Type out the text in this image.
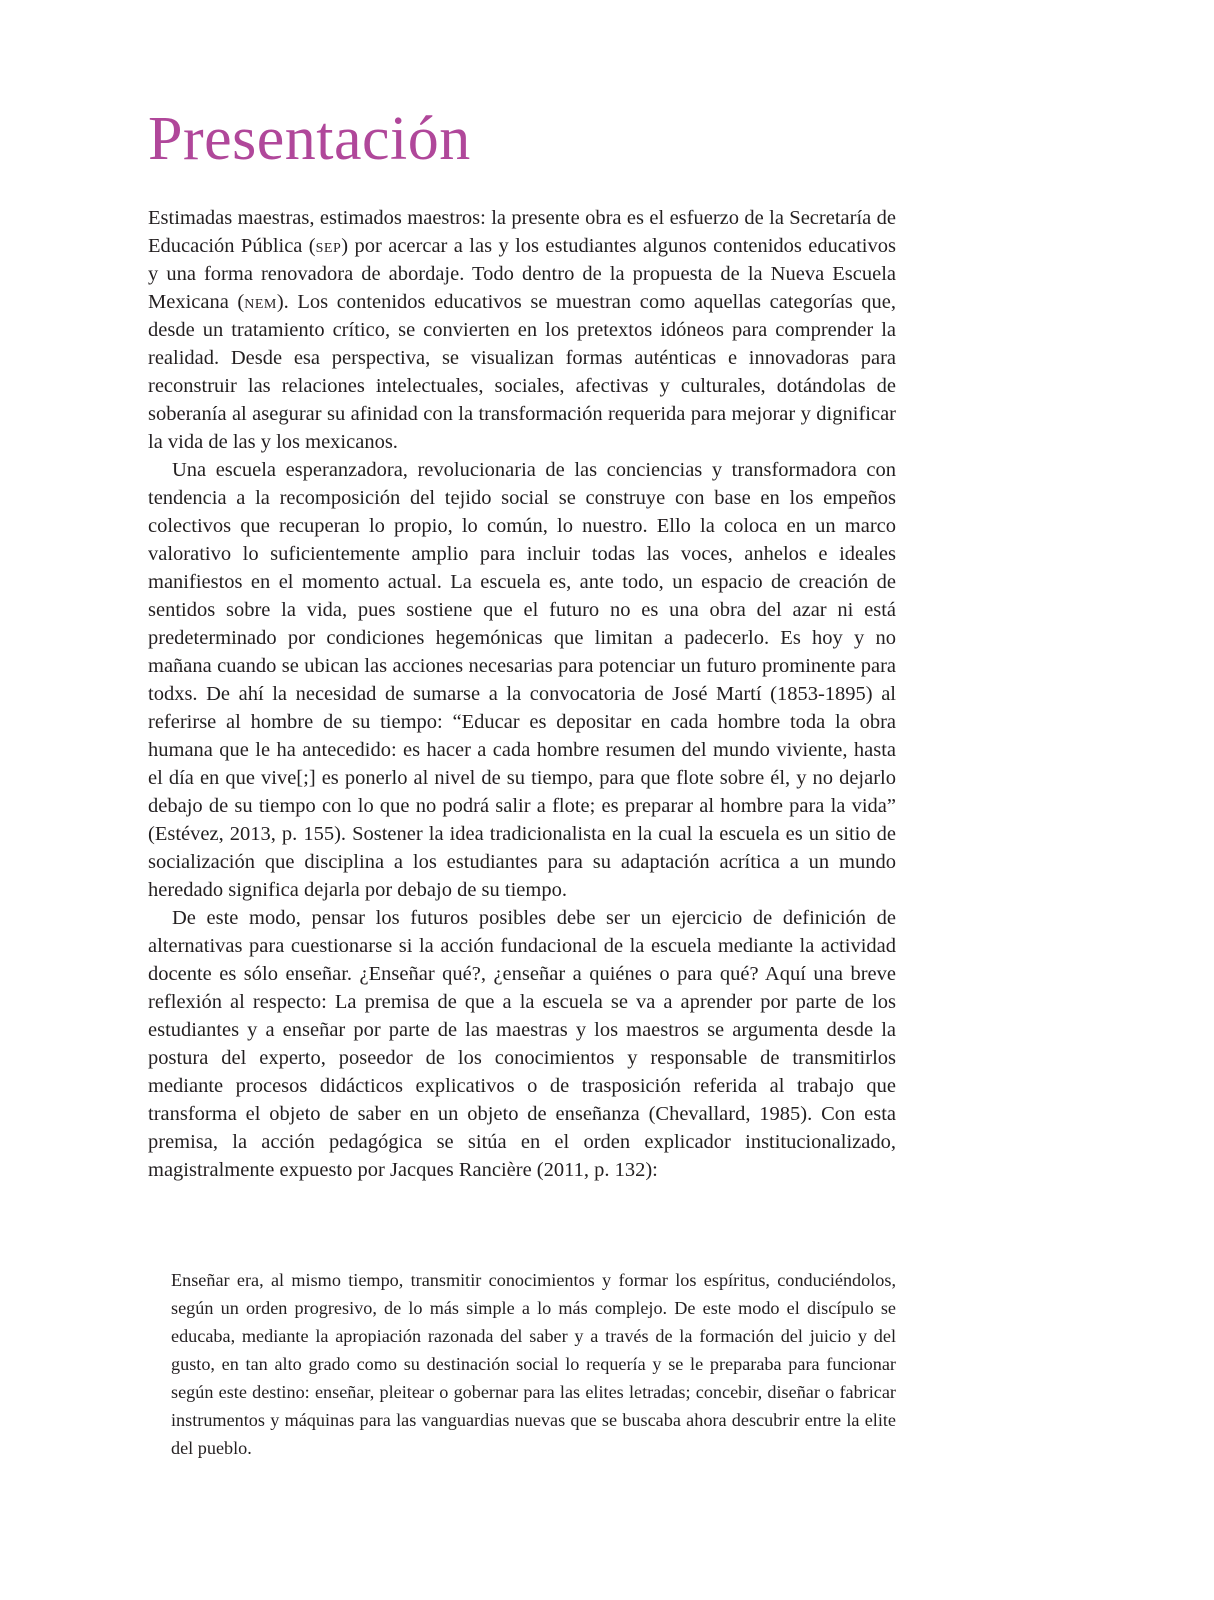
Presentación

Estimadas maestras, estimados maestros: la presente obra es el esfuerzo de la Secretaría de Educación Pública (sep) por acercar a las y los estudiantes algunos contenidos educativos y una forma renovadora de abordaje. Todo dentro de la propuesta de la Nueva Escuela Mexicana (nem). Los contenidos educativos se muestran como aquellas categorías que, desde un tratamiento crítico, se convierten en los pretextos idóneos para comprender la realidad. Desde esa perspectiva, se visualizan formas auténticas e innovadoras para reconstruir las relaciones intelectuales, sociales, afectivas y culturales, dotándolas de soberanía al asegurar su afinidad con la transformación requerida para mejorar y dignificar la vida de las y los mexicanos.

Una escuela esperanzadora, revolucionaria de las conciencias y transformadora con tendencia a la recomposición del tejido social se construye con base en los empeños colectivos que recuperan lo propio, lo común, lo nuestro. Ello la coloca en un marco valorativo lo suficientemente amplio para incluir todas las voces, anhelos e ideales manifiestos en el momento actual. La escuela es, ante todo, un espacio de creación de sentidos sobre la vida, pues sostiene que el futuro no es una obra del azar ni está predeterminado por condiciones hegemónicas que limitan a padecerlo. Es hoy y no mañana cuando se ubican las acciones necesarias para potenciar un futuro prominente para todxs. De ahí la necesidad de sumarse a la convocatoria de José Martí (1853-1895) al referirse al hombre de su tiempo: “Educar es depositar en cada hombre toda la obra humana que le ha antecedido: es hacer a cada hombre resumen del mundo viviente, hasta el día en que vive[;] es ponerlo al nivel de su tiempo, para que flote sobre él, y no dejarlo debajo de su tiempo con lo que no podrá salir a flote; es preparar al hombre para la vida” (Estévez, 2013, p. 155). Sostener la idea tradicionalista en la cual la escuela es un sitio de socialización que disciplina a los estudiantes para su adaptación acrítica a un mundo heredado significa dejarla por debajo de su tiempo.

De este modo, pensar los futuros posibles debe ser un ejercicio de definición de alternativas para cuestionarse si la acción fundacional de la escuela mediante la actividad docente es sólo enseñar. ¿Enseñar qué?, ¿enseñar a quiénes o para qué? Aquí una breve reflexión al respecto: La premisa de que a la escuela se va a aprender por parte de los estudiantes y a enseñar por parte de las maestras y los maestros se argumenta desde la postura del experto, poseedor de los conocimientos y responsable de transmitirlos mediante procesos didácticos explicativos o de trasposición referida al trabajo que transforma el objeto de saber en un objeto de enseñanza (Chevallard, 1985). Con esta premisa, la acción pedagógica se sitúa en el orden explicador institucionalizado, magistralmente expuesto por Jacques Rancière (2011, p. 132):

Enseñar era, al mismo tiempo, transmitir conocimientos y formar los espíritus, conduciéndolos, según un orden progresivo, de lo más simple a lo más complejo. De este modo el discípulo se educaba, mediante la apropiación razonada del saber y a través de la formación del juicio y del gusto, en tan alto grado como su destinación social lo requería y se le preparaba para funcionar según este destino: enseñar, pleitear o gobernar para las elites letradas; concebir, diseñar o fabricar instrumentos y máquinas para las vanguardias nuevas que se buscaba ahora descubrir entre la elite del pueblo.
